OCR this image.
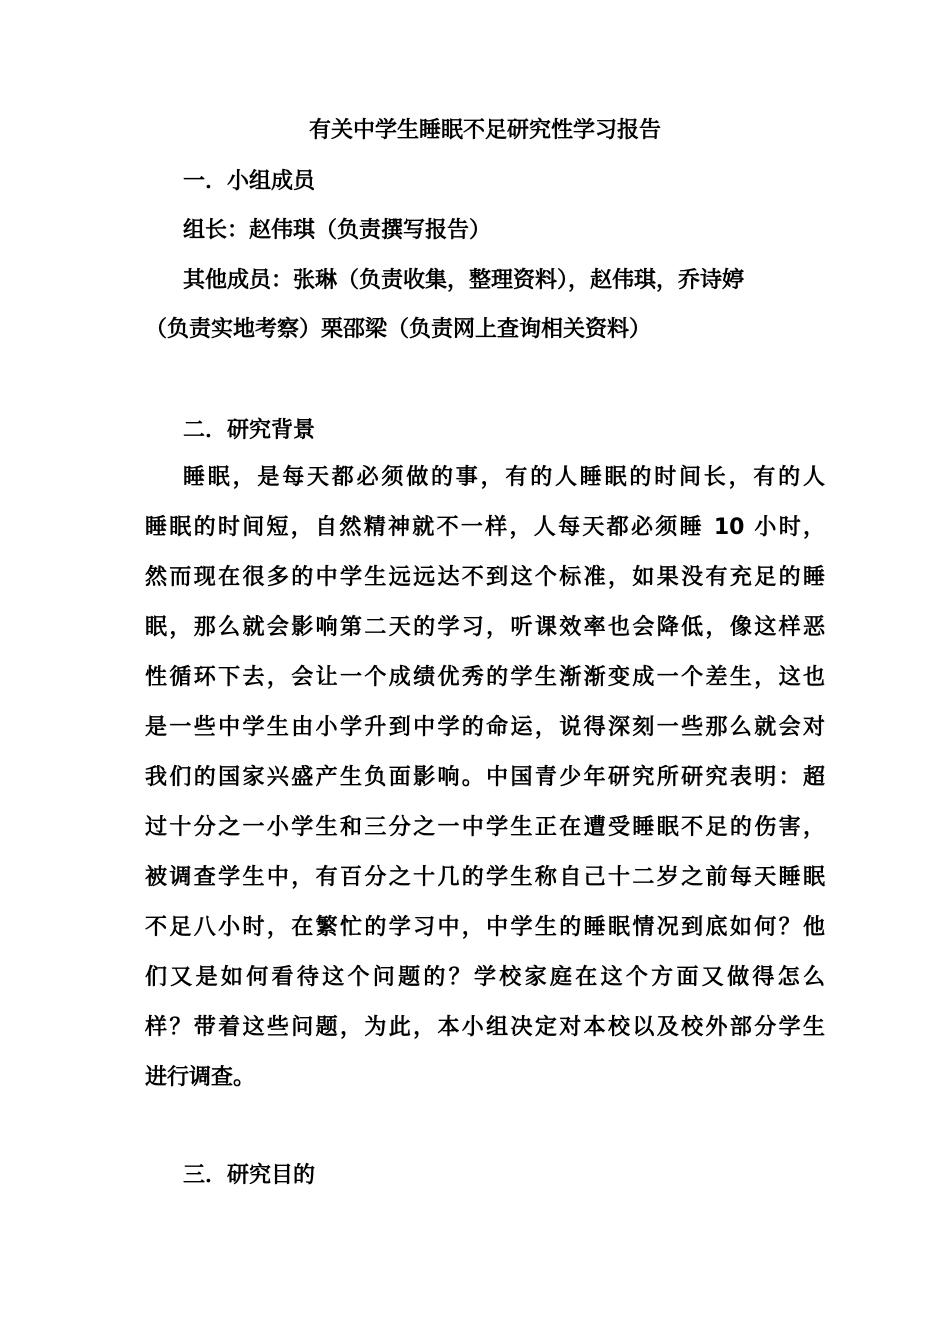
有关中学生睡眠不足研究性学习报告
一．小组成员
组长：赵伟琪（负责撰写报告）
其他成员：张琳（负责收集，整理资料），赵伟琪，乔诗婷
（负责实地考察）栗邵梁（负责网上查询相关资料）
二．研究背景
睡眠，是每天都必须做的事，有的人睡眠的时间长，有的人
睡眠的时间短，自然精神就不一样，人每天都必须睡 10 小时，
然而现在很多的中学生远远达不到这个标准，如果没有充足的睡
眠，那么就会影响第二天的学习，听课效率也会降低，像这样恶
性循环下去，会让一个成绩优秀的学生渐渐变成一个差生，这也
是一些中学生由小学升到中学的命运，说得深刻一些那么就会对
我们的国家兴盛产生负面影响。中国青少年研究所研究表明：超
过十分之一小学生和三分之一中学生正在遭受睡眠不足的伤害，
被调查学生中，有百分之十几的学生称自己十二岁之前每天睡眠
不足八小时，在繁忙的学习中，中学生的睡眠情况到底如何？他
们又是如何看待这个问题的？学校家庭在这个方面又做得怎么
样？带着这些问题，为此，本小组决定对本校以及校外部分学生
进行调查。
三．研究目的
